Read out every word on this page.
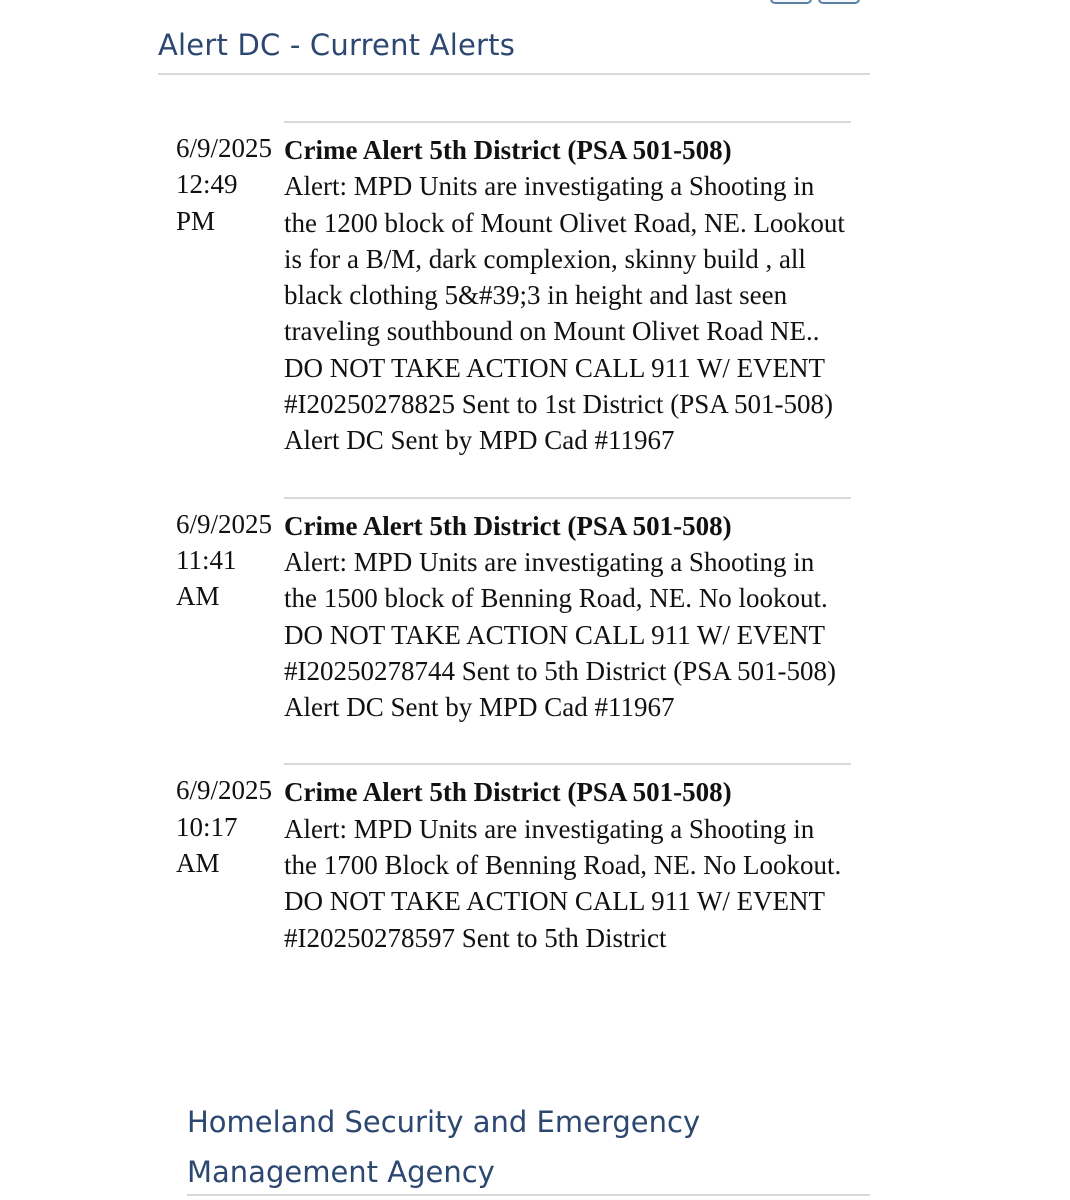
Alert DC - Current Alerts
6/9/2025
12:49
PM
Crime Alert 5th District (PSA 501-508)
Alert: MPD Units are investigating a Shooting in the 1200 block of Mount Olivet Road, NE. Lookout is for a B/M, dark complexion, skinny build , all black clothing 5&#39;3 in height and last seen traveling southbound on Mount Olivet Road NE.. DO NOT TAKE ACTION CALL 911 W/ EVENT #I20250278825 Sent to 1st District (PSA 501-508) Alert DC Sent by MPD Cad #11967
6/9/2025
11:41
AM
Crime Alert 5th District (PSA 501-508)
Alert: MPD Units are investigating a Shooting in the 1500 block of Benning Road, NE. No lookout. DO NOT TAKE ACTION CALL 911 W/ EVENT #I20250278744 Sent to 5th District (PSA 501-508) Alert DC Sent by MPD Cad #11967
6/9/2025
10:17
AM
Crime Alert 5th District (PSA 501-508)
Alert: MPD Units are investigating a Shooting in the 1700 Block of Benning Road, NE. No Lookout. DO NOT TAKE ACTION CALL 911 W/ EVENT #I20250278597 Sent to 5th District
Homeland Security and Emergency Management Agency
